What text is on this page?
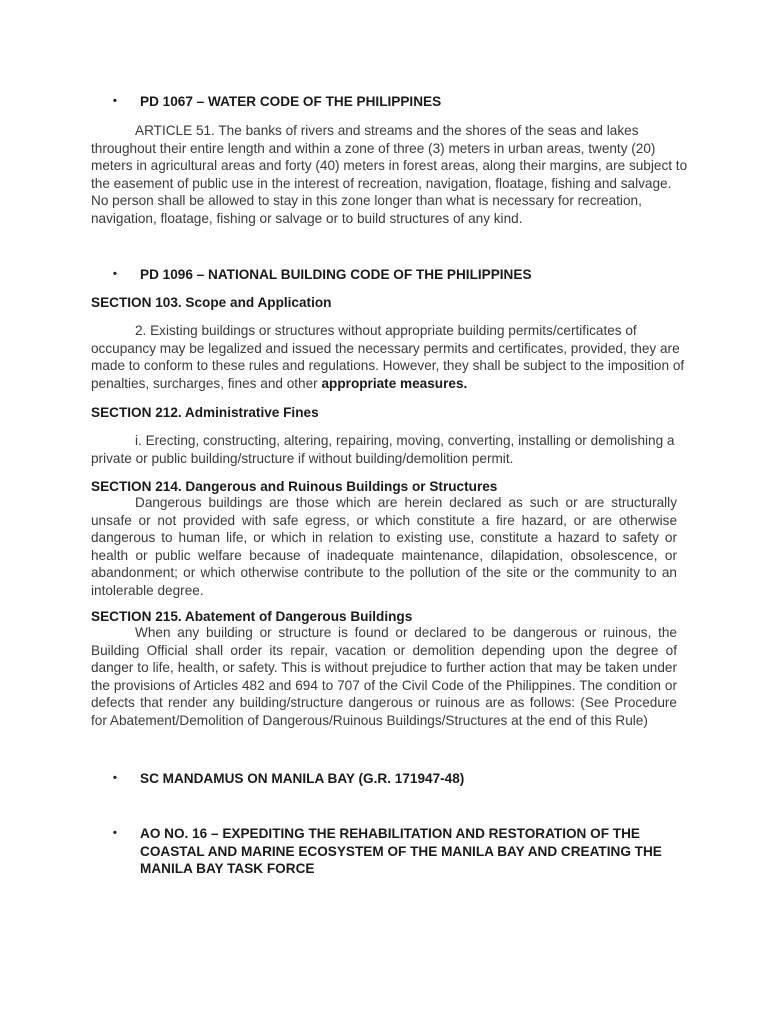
•	PD 1067 – WATER CODE OF THE PHILIPPINES
ARTICLE 51. The banks of rivers and streams and the shores of the seas and lakes throughout their entire length and within a zone of three (3) meters in urban areas, twenty (20) meters in agricultural areas and forty (40) meters in forest areas, along their margins, are subject to the easement of public use in the interest of recreation, navigation, floatage, fishing and salvage. No person shall be allowed to stay in this zone longer than what is necessary for recreation, navigation, floatage, fishing or salvage or to build structures of any kind.
•	PD 1096 – NATIONAL BUILDING CODE OF THE PHILIPPINES
SECTION 103. Scope and Application
2. Existing buildings or structures without appropriate building permits/certificates of occupancy may be legalized and issued the necessary permits and certificates, provided, they are made to conform to these rules and regulations. However, they shall be subject to the imposition of penalties, surcharges, fines and other appropriate measures.
SECTION 212. Administrative Fines
i. Erecting, constructing, altering, repairing, moving, converting, installing or demolishing a private or public building/structure if without building/demolition permit.
SECTION 214. Dangerous and Ruinous Buildings or Structures
Dangerous buildings are those which are herein declared as such or are structurally unsafe or not provided with safe egress, or which constitute a fire hazard, or are otherwise dangerous to human life, or which in relation to existing use, constitute a hazard to safety or health or public welfare because of inadequate maintenance, dilapidation, obsolescence, or abandonment; or which otherwise contribute to the pollution of the site or the community to an intolerable degree.
SECTION 215. Abatement of Dangerous Buildings
When any building or structure is found or declared to be dangerous or ruinous, the Building Official shall order its repair, vacation or demolition depending upon the degree of danger to life, health, or safety. This is without prejudice to further action that may be taken under the provisions of Articles 482 and 694 to 707 of the Civil Code of the Philippines. The condition or defects that render any building/structure dangerous or ruinous are as follows: (See Procedure for Abatement/Demolition of Dangerous/Ruinous Buildings/Structures at the end of this Rule)
•	SC MANDAMUS ON MANILA BAY (G.R. 171947-48)
•	AO NO. 16 – EXPEDITING THE REHABILITATION AND RESTORATION OF THE COASTAL AND MARINE ECOSYSTEM OF THE MANILA BAY AND CREATING THE MANILA BAY TASK FORCE
